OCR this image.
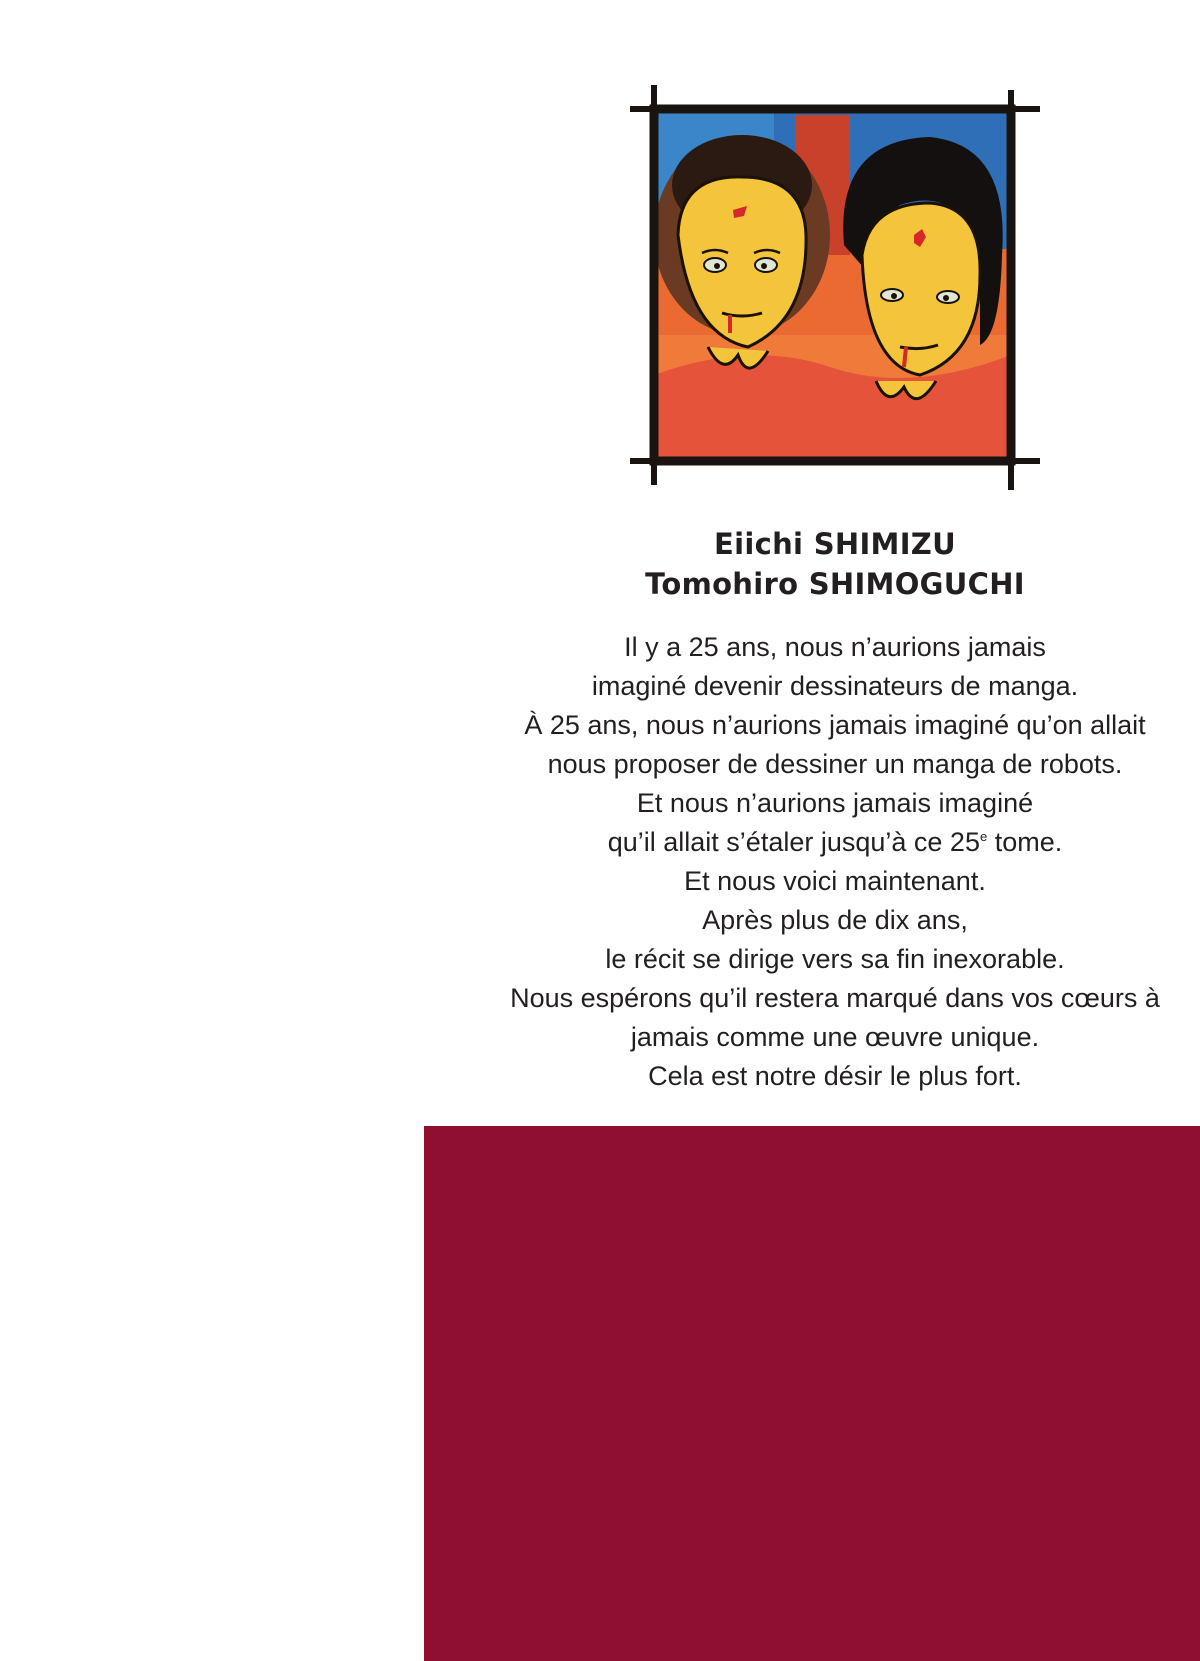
Eiichi SHIMIZU
Tomohiro SHIMOGUCHI
Il y a 25 ans, nous n’aurions jamais
imaginé devenir dessinateurs de manga.
À 25 ans, nous n’aurions jamais imaginé qu’on allait
nous proposer de dessiner un manga de robots.
Et nous n’aurions jamais imaginé
qu’il allait s’étaler jusqu’à ce 25e tome.
Et nous voici maintenant.
Après plus de dix ans,
le récit se dirige vers sa fin inexorable.
Nous espérons qu’il restera marqué dans vos cœurs à
jamais comme une œuvre unique.
Cela est notre désir le plus fort.
